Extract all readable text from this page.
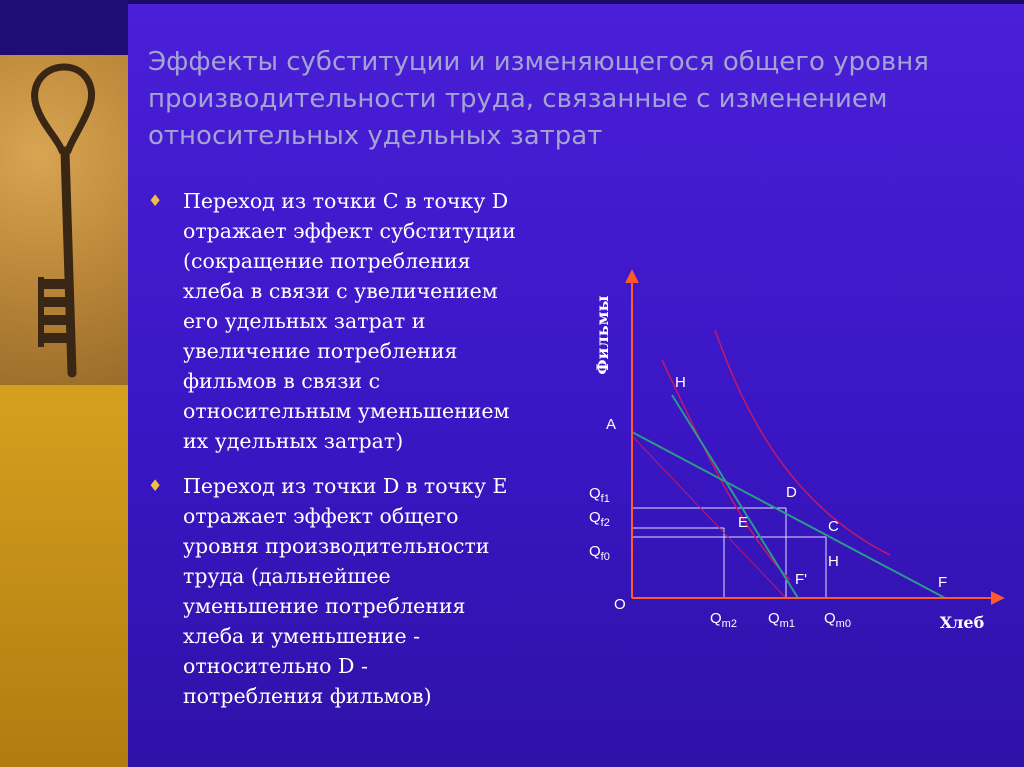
Эффекты субституции и изменяющегося общего уровня производительности труда, связанные с изменением относительных удельных затрат
♦ Переход из точки С в точку D
отражает эффект субституции
(сокращение потребления
хлеба в связи с увеличением
его удельных затрат и
увеличение потребления
фильмов в связи с
относительным уменьшением
их удельных затрат)
♦ Переход из точки D в точку Е
отражает эффект общего
уровня производительности
труда (дальнейшее
уменьшение потребления
хлеба и уменьшение -
относительно D -
потребления фильмов)
Фильмы
Хлеб
H
A
D
E	C
H
F'	F
O
$Q_{f1}$
$Q_{f2}$
$Q_{f0}$
$Q_{m2}$ $Q_{m1}$ $Q_{m0}$
